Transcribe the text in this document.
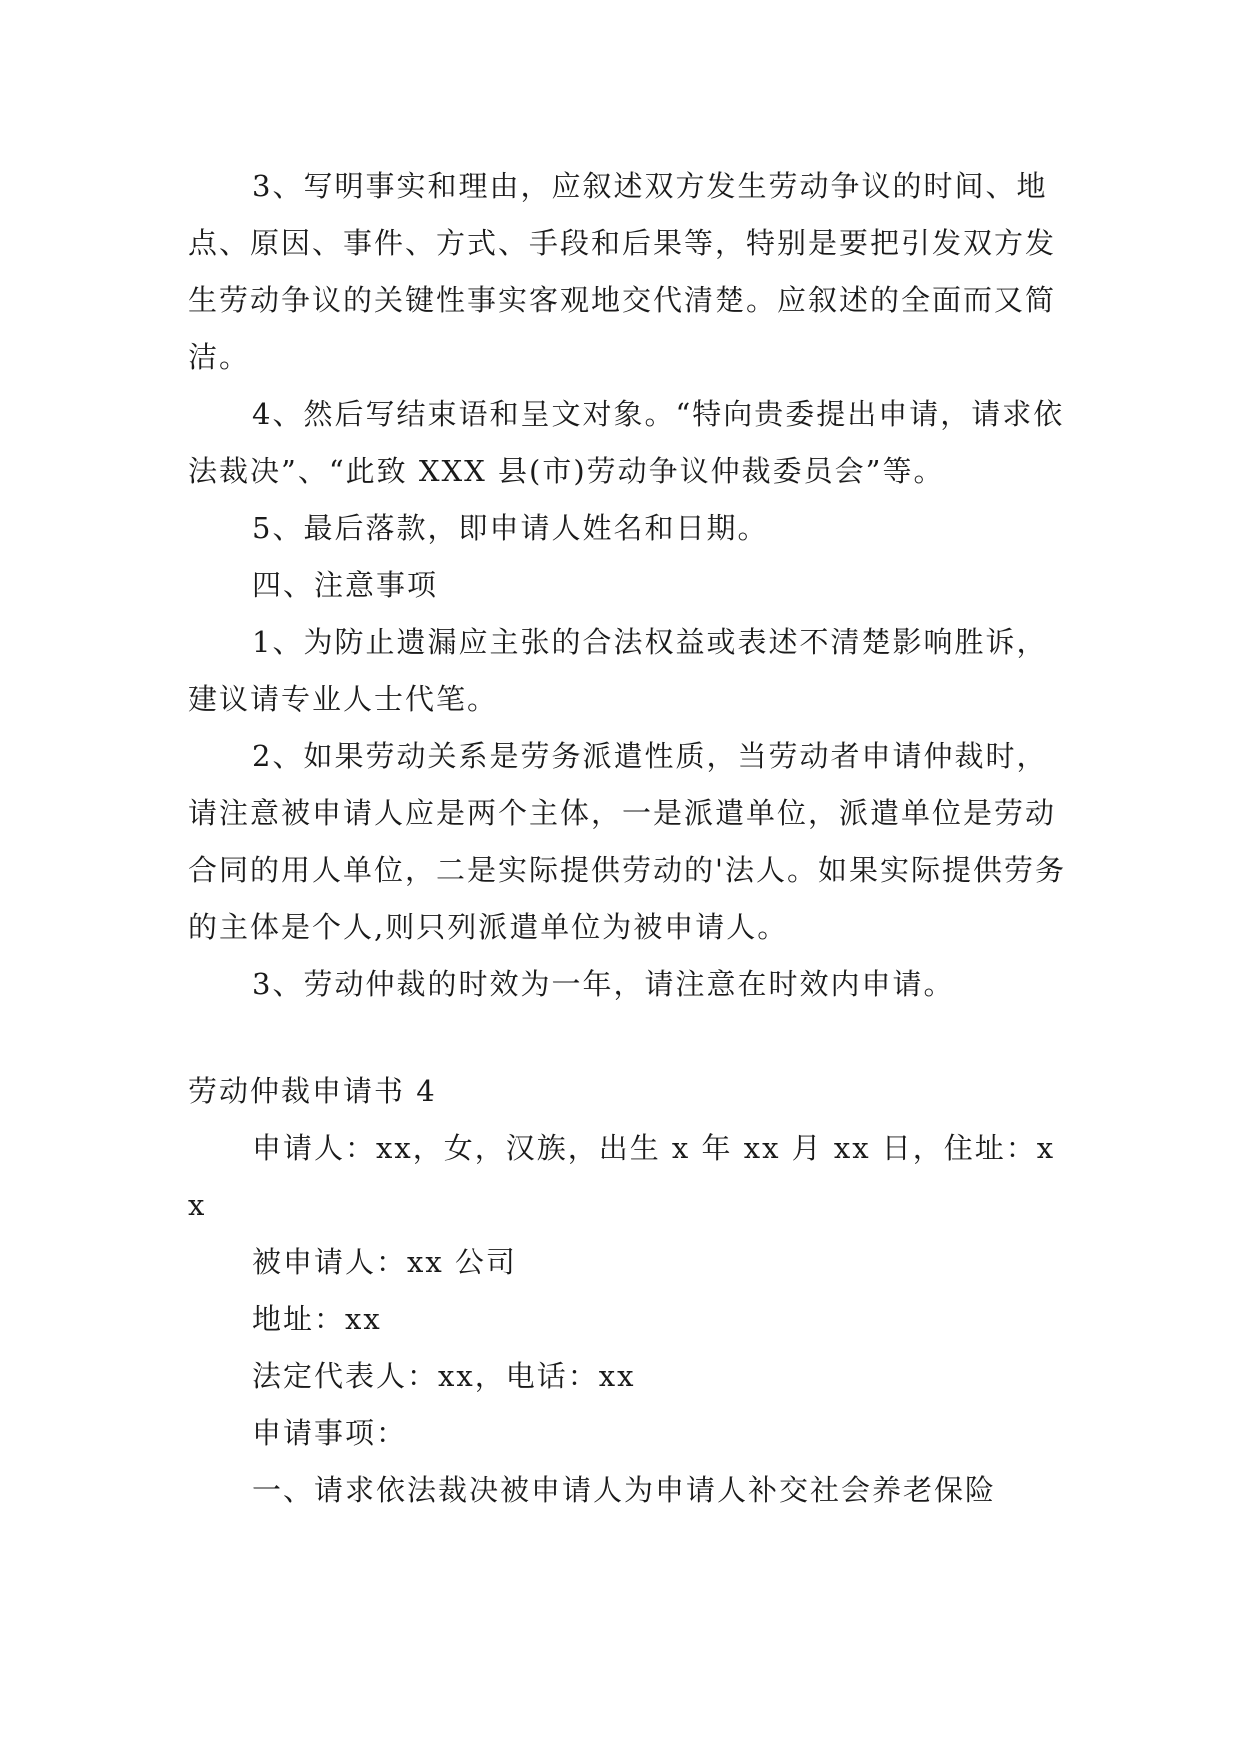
3、写明事实和理由，应叙述双方发生劳动争议的时间、地点、原因、事件、方式、手段和后果等，特别是要把引发双方发生劳动争议的关键性事实客观地交代清楚。应叙述的全面而又简洁。

4、然后写结束语和呈文对象。“特向贵委提出申请，请求依法裁决”、“此致 XXX 县(市)劳动争议仲裁委员会”等。

5、最后落款，即申请人姓名和日期。

四、注意事项

1、为防止遗漏应主张的合法权益或表述不清楚影响胜诉，建议请专业人士代笔。

2、如果劳动关系是劳务派遣性质，当劳动者申请仲裁时，请注意被申请人应是两个主体，一是派遣单位，派遣单位是劳动合同的用人单位，二是实际提供劳动的'法人。如果实际提供劳务的主体是个人,则只列派遣单位为被申请人。

3、劳动仲裁的时效为一年，请注意在时效内申请。

劳动仲裁申请书 4

申请人：xx，女，汉族，出生 x 年 xx 月 xx 日，住址：xx

被申请人：xx 公司

地址：xx

法定代表人：xx，电话：xx

申请事项：

一、请求依法裁决被申请人为申请人补交社会养老保险
